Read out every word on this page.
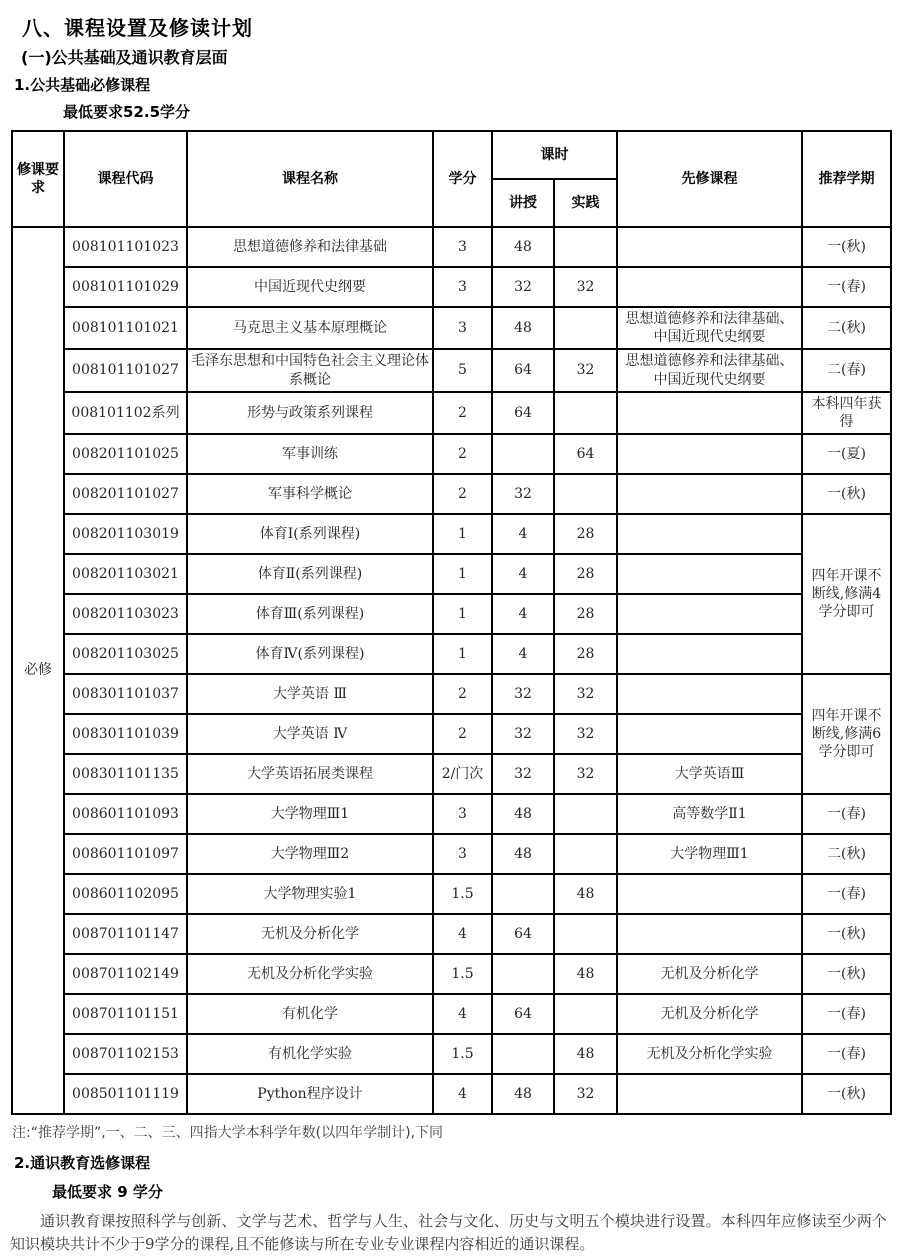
八、课程设置及修读计划
(一)公共基础及通识教育层面
1.公共基础必修课程
最低要求52.5学分
修课要求	课程代码	课程名称	学分	课时		先修课程	推荐学期
				讲授	实践		
必修	008101101023	思想道德修养和法律基础	3	48			一(秋)
	008101101029	中国近现代史纲要	3	32	32		一(春)
	008101101021	马克思主义基本原理概论	3	48		思想道德修养和法律基础、中国近现代史纲要	二(秋)
	008101101027	毛泽东思想和中国特色社会主义理论体系概论	5	64	32	思想道德修养和法律基础、中国近现代史纲要	二(春)
	008101102系列	形势与政策系列课程	2	64			本科四年获得
	008201101025	军事训练	2		64		一(夏)
	008201101027	军事科学概论	2	32			一(秋)
	008201103019	体育Ⅰ(系列课程)	1	4	28		四年开课不断线,修满4学分即可
	008201103021	体育Ⅱ(系列课程)	1	4	28		
	008201103023	体育Ⅲ(系列课程)	1	4	28		
	008201103025	体育Ⅳ(系列课程)	1	4	28		
	008301101037	大学英语 Ⅲ	2	32	32		四年开课不断线,修满6学分即可
	008301101039	大学英语 Ⅳ	2	32	32		
	008301101135	大学英语拓展类课程	2/门次	32	32	大学英语Ⅲ	
	008601101093	大学物理Ⅲ1	3	48		高等数学Ⅱ1	一(春)
	008601101097	大学物理Ⅲ2	3	48		大学物理Ⅲ1	二(秋)
	008601102095	大学物理实验1	1.5		48		一(春)
	008701101147	无机及分析化学	4	64			一(秋)
	008701102149	无机及分析化学实验	1.5		48	无机及分析化学	一(秋)
	008701101151	有机化学	4	64		无机及分析化学	一(春)
	008701102153	有机化学实验	1.5		48	无机及分析化学实验	一(春)
	008501101119	Python程序设计	4	48	32		一(秋)
注:“推荐学期”,一、二、三、四指大学本科学年数(以四年学制计),下同
2.通识教育选修课程
最低要求 9 学分
通识教育课按照科学与创新、文学与艺术、哲学与人生、社会与文化、历史与文明五个模块进行设置。本科四年应修读至少两个知识模块共计不少于9学分的课程,且不能修读与所在专业专业课程内容相近的通识课程。
